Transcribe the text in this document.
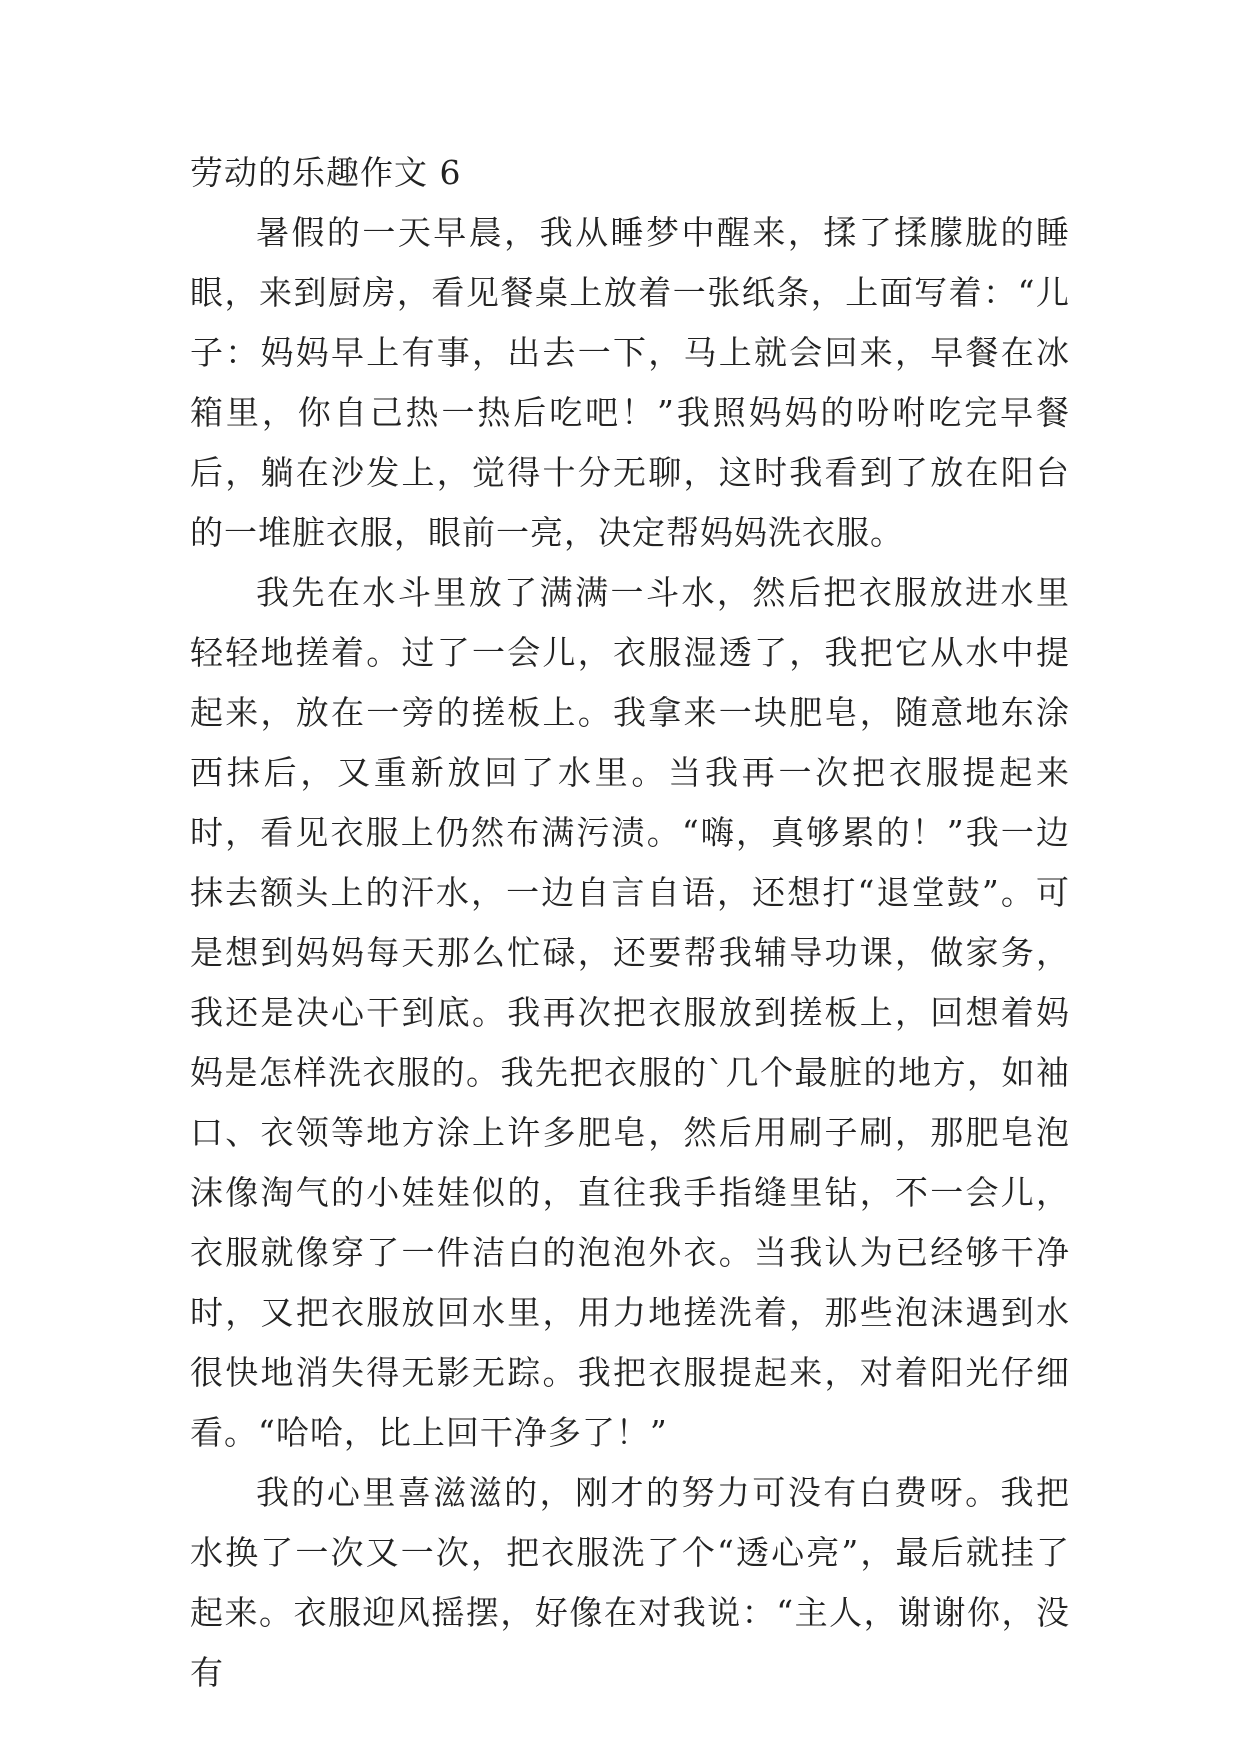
劳动的乐趣作文 6

暑假的一天早晨，我从睡梦中醒来，揉了揉朦胧的睡眼，来到厨房，看见餐桌上放着一张纸条，上面写着：“儿子：妈妈早上有事，出去一下，马上就会回来，早餐在冰箱里，你自己热一热后吃吧！”我照妈妈的吩咐吃完早餐后，躺在沙发上，觉得十分无聊，这时我看到了放在阳台的一堆脏衣服，眼前一亮，决定帮妈妈洗衣服。

我先在水斗里放了满满一斗水，然后把衣服放进水里轻轻地搓着。过了一会儿，衣服湿透了，我把它从水中提起来，放在一旁的搓板上。我拿来一块肥皂，随意地东涂西抹后，又重新放回了水里。当我再一次把衣服提起来时，看见衣服上仍然布满污渍。“嗨，真够累的！”我一边抹去额头上的汗水，一边自言自语，还想打“退堂鼓”。可是想到妈妈每天那么忙碌，还要帮我辅导功课，做家务，我还是决心干到底。我再次把衣服放到搓板上，回想着妈妈是怎样洗衣服的。我先把衣服的`几个最脏的地方，如袖口、衣领等地方涂上许多肥皂，然后用刷子刷，那肥皂泡沫像淘气的小娃娃似的，直往我手指缝里钻，不一会儿，衣服就像穿了一件洁白的泡泡外衣。当我认为已经够干净时，又把衣服放回水里，用力地搓洗着，那些泡沫遇到水很快地消失得无影无踪。我把衣服提起来，对着阳光仔细看。“哈哈，比上回干净多了！”

我的心里喜滋滋的，刚才的努力可没有白费呀。我把水换了一次又一次，把衣服洗了个“透心亮”，最后就挂了起来。衣服迎风摇摆，好像在对我说：“主人，谢谢你，没有
